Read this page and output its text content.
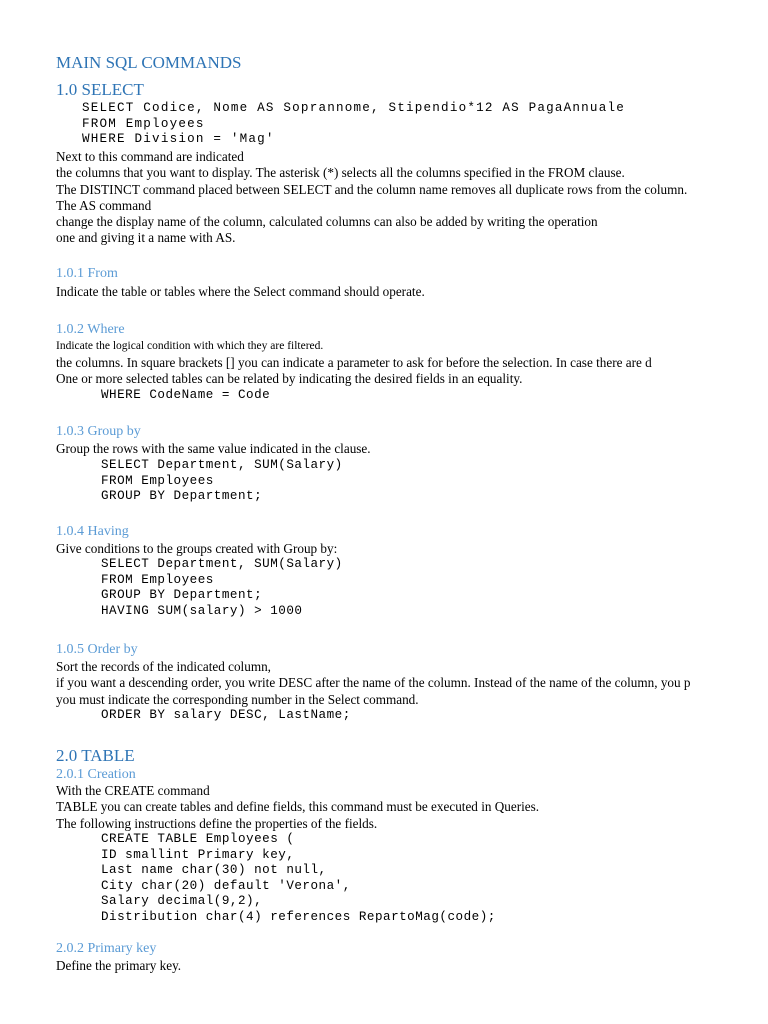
MAIN SQL COMMANDS
1.0 SELECT
SELECT Codice, Nome AS Soprannome, Stipendio*12 AS PagaAnnuale
FROM Employees
WHERE Division = 'Mag'
Next to this command are indicated
the columns that you want to display. The asterisk (*) selects all the columns specified in the FROM clause.
The DISTINCT command placed between SELECT and the column name removes all duplicate rows from the column.
The AS command
change the display name of the column, calculated columns can also be added by writing the operation
one and giving it a name with AS.
1.0.1 From
Indicate the table or tables where the Select command should operate.
1.0.2 Where
Indicate the logical condition with which they are filtered.
the columns. In square brackets [] you can indicate a parameter to ask for before the selection. In case there are d
One or more selected tables can be related by indicating the desired fields in an equality.
WHERE CodeName = Code
1.0.3 Group by
Group the rows with the same value indicated in the clause.
SELECT Department, SUM(Salary)
FROM Employees
GROUP BY Department;
1.0.4 Having
Give conditions to the groups created with Group by:
SELECT Department, SUM(Salary)
FROM Employees
GROUP BY Department;
HAVING SUM(salary) > 1000
1.0.5 Order by
Sort the records of the indicated column,
if you want a descending order, you write DESC after the name of the column. Instead of the name of the column, you p
you must indicate the corresponding number in the Select command.
ORDER BY salary DESC, LastName;
2.0 TABLE
2.0.1 Creation
With the CREATE command
TABLE you can create tables and define fields, this command must be executed in Queries.
The following instructions define the properties of the fields.
CREATE TABLE Employees (
ID smallint Primary key,
Last name char(30) not null,
City char(20) default 'Verona',
Salary decimal(9,2),
Distribution char(4) references RepartoMag(code);
2.0.2 Primary key
Define the primary key.
